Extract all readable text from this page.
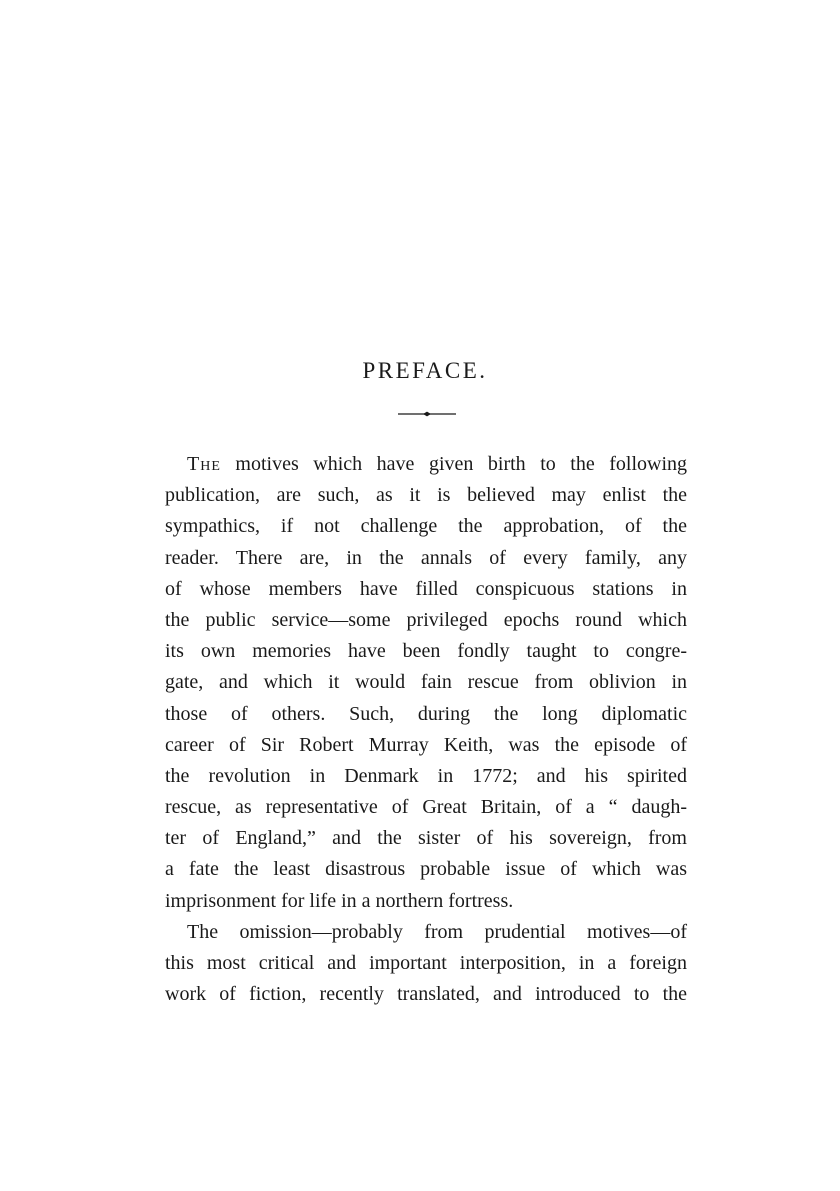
PREFACE.
The motives which have given birth to the following
publication, are such, as it is believed may enlist the
sympathics, if not challenge the approbation, of the
reader. There are, in the annals of every family, any
of whose members have filled conspicuous stations in
the public service—some privileged epochs round which
its own memories have been fondly taught to congre-
gate, and which it would fain rescue from oblivion in
those of others. Such, during the long diplomatic
career of Sir Robert Murray Keith, was the episode of
the revolution in Denmark in 1772; and his spirited
rescue, as representative of Great Britain, of a “ daugh-
ter of England,” and the sister of his sovereign, from
a fate the least disastrous probable issue of which was
imprisonment for life in a northern fortress.
The omission—probably from prudential motives—of
this most critical and important interposition, in a foreign
work of fiction, recently translated, and introduced to the
